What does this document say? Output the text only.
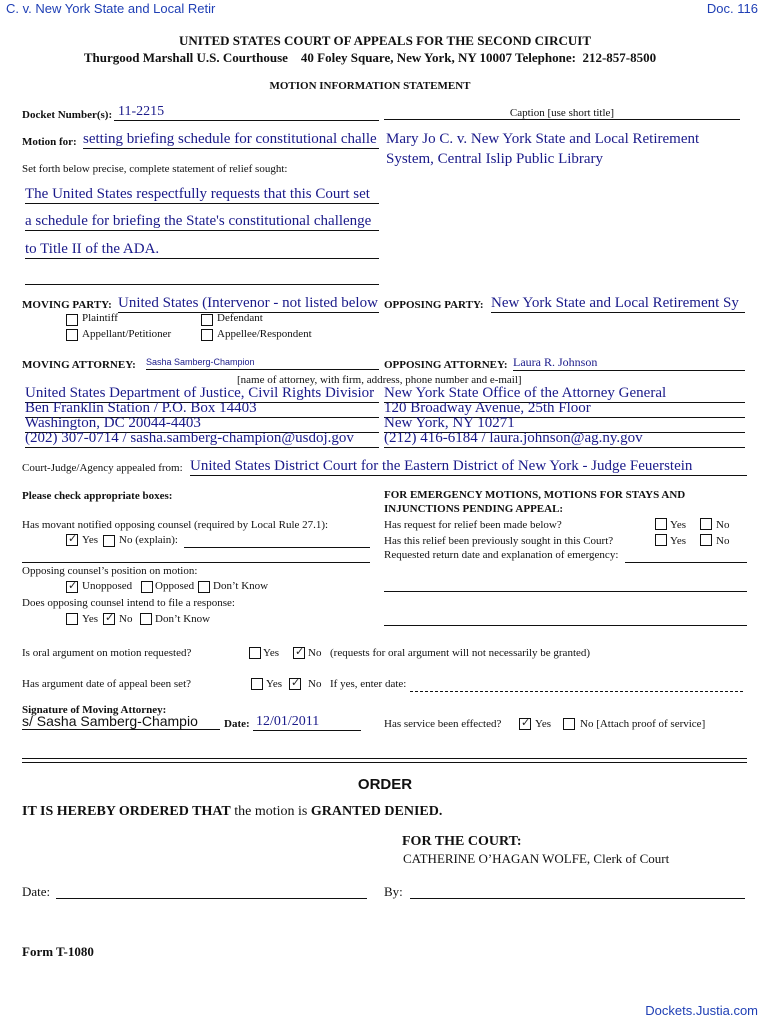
C. v. New York State and Local Retir	Doc. 116
UNITED STATES COURT OF APPEALS FOR THE SECOND CIRCUIT
Thurgood Marshall U.S. Courthouse    40 Foley Square, New York, NY 10007 Telephone:  212-857-8500
MOTION INFORMATION STATEMENT
Docket Number(s): 11-2215	Caption [use short title]
Mary Jo C. v. New York State and Local Retirement
System, Central Islip Public Library
Motion for: setting briefing schedule for constitutional challe
Set forth below precise, complete statement of relief sought:
The United States respectfully requests that this Court set
a schedule for briefing the State's constitutional challenge
to Title II of the ADA.
MOVING PARTY: United States (Intervenor - not listed below
Plaintiff	Defendant
Appellant/Petitioner	Appellee/Respondent
OPPOSING PARTY: New York State and Local Retirement Sy
MOVING ATTORNEY: Sasha Samberg-Champion	OPPOSING ATTORNEY: Laura R. Johnson
[name of attorney, with firm, address, phone number and e-mail]
United States Department of Justice, Civil Rights Divisior
Ben Franklin Station / P.O. Box 14403
Washington, DC 20044-4403
(202) 307-0714 / sasha.samberg-champion@usdoj.gov
New York State Office of the Attorney General
120 Broadway Avenue, 25th Floor
New York, NY 10271
(212) 416-6184 / laura.johnson@ag.ny.gov
Court-Judge/Agency appealed from: United States District Court for the Eastern District of New York - Judge Feuerstein
Please check appropriate boxes:
Has movant notified opposing counsel (required by Local Rule 27.1):
✓
Yes No (explain):
Opposing counsel’s position on motion:
✓
Unopposed Opposed Don’t Know
Does opposing counsel intend to file a response:
Yes ✓ No Don’t Know
FOR EMERGENCY MOTIONS, MOTIONS FOR STAYS AND
INJUNCTIONS PENDING APPEAL:
Has request for relief been made below?	Yes	No
Has this relief been previously sought in this Court?	Yes	No
Requested return date and explanation of emergency:
Is oral argument on motion requested?	Yes ✓	No (requests for oral argument will not necessarily be granted)
Has argument date of appeal been set?	Yes ✓ No If yes, enter date:
Signature of Moving Attorney:
s/ Sasha Samberg-Champio	Date: 12/01/2011	Has service been effected? ✓	Yes	No [Attach proof of service]
ORDER
IT IS HEREBY ORDERED THAT the motion is GRANTED DENIED.
FOR THE COURT:
CATHERINE O’HAGAN WOLFE, Clerk of Court
Date:	By:
Form T-1080
Dockets.Justia.com
